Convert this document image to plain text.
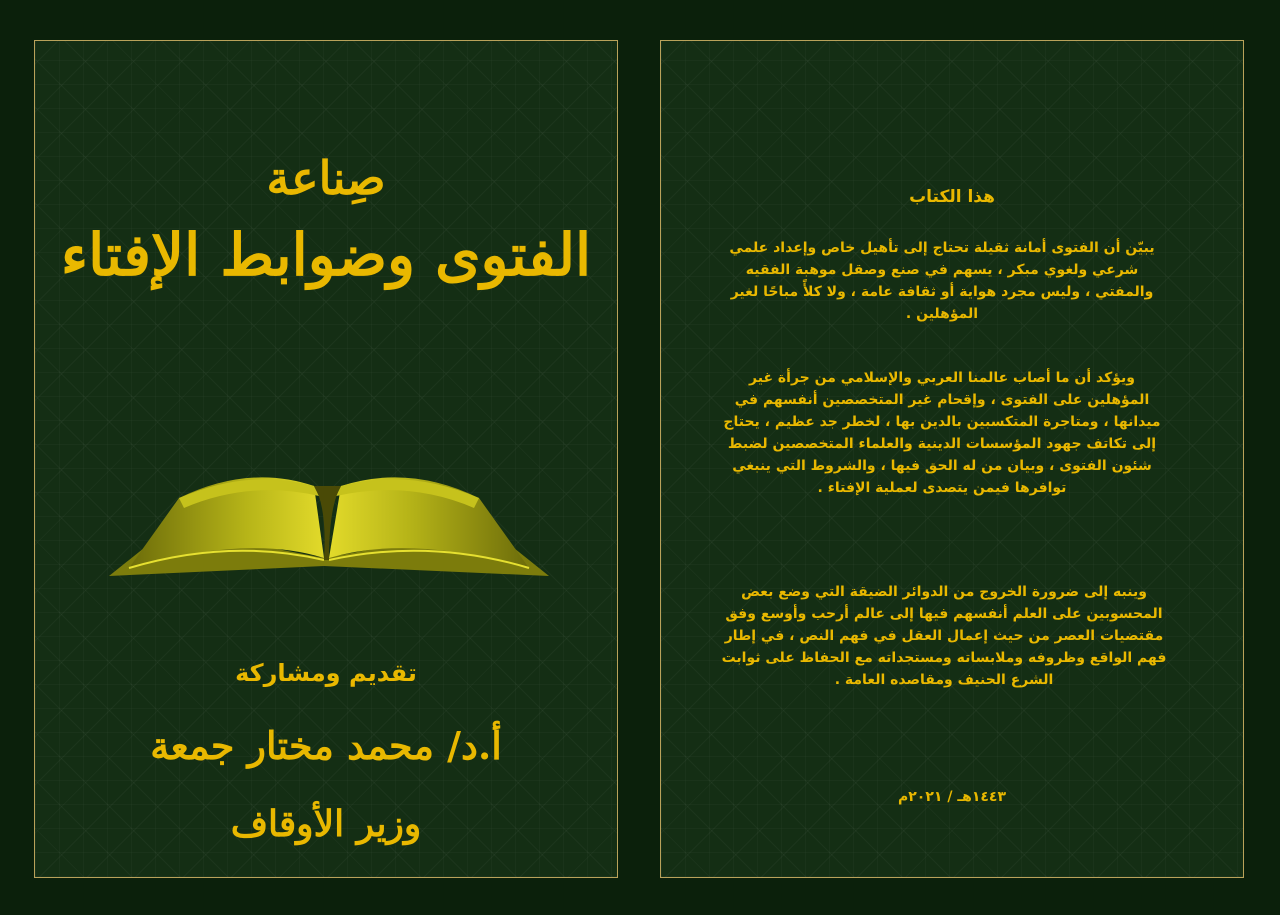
صِناعة
الفتوى وضوابط الإفتاء
تقديم ومشاركة
أ.د/ محمد مختار جمعة
وزير الأوقاف
هذا الكتاب
يبيّن أن الفتوى أمانة ثقيلة تحتاج إلى تأهيل خاص وإعداد علمي شرعي ولغوي مبكر ، يسهم في صنع وصقل موهبة الفقيه والمفتي ، وليس مجرد هواية أو ثقافة عامة ، ولا كلأً مباحًا لغير المؤهلين .
ويؤكد أن ما أصاب عالمنا العربي والإسلامي من جرأة غير المؤهلين على الفتوى ، وإقحام غير المتخصصين أنفسهم في ميدانها ، ومتاجرة المتكسبين بالدين بها ، لخطر جد عظيم ، يحتاج إلى تكاتف جهود المؤسسات الدينية والعلماء المتخصصين لضبط شئون الفتوى ، وبيان من له الحق فيها ، والشروط التي ينبغي توافرها فيمن يتصدى لعملية الإفتاء .
وينبه إلى ضرورة الخروج من الدوائر الضيقة التي وضع بعض المحسوبين على العلم أنفسهم فيها إلى عالم أرحب وأوسع وفق مقتضيات العصر من حيث إعمال العقل في فهم النص ، في إطار فهم الواقع وظروفه وملابساته ومستجداته مع الحفاظ على ثوابت الشرع الحنيف ومقاصده العامة .
١٤٤٣هـ / ٢٠٢١م
